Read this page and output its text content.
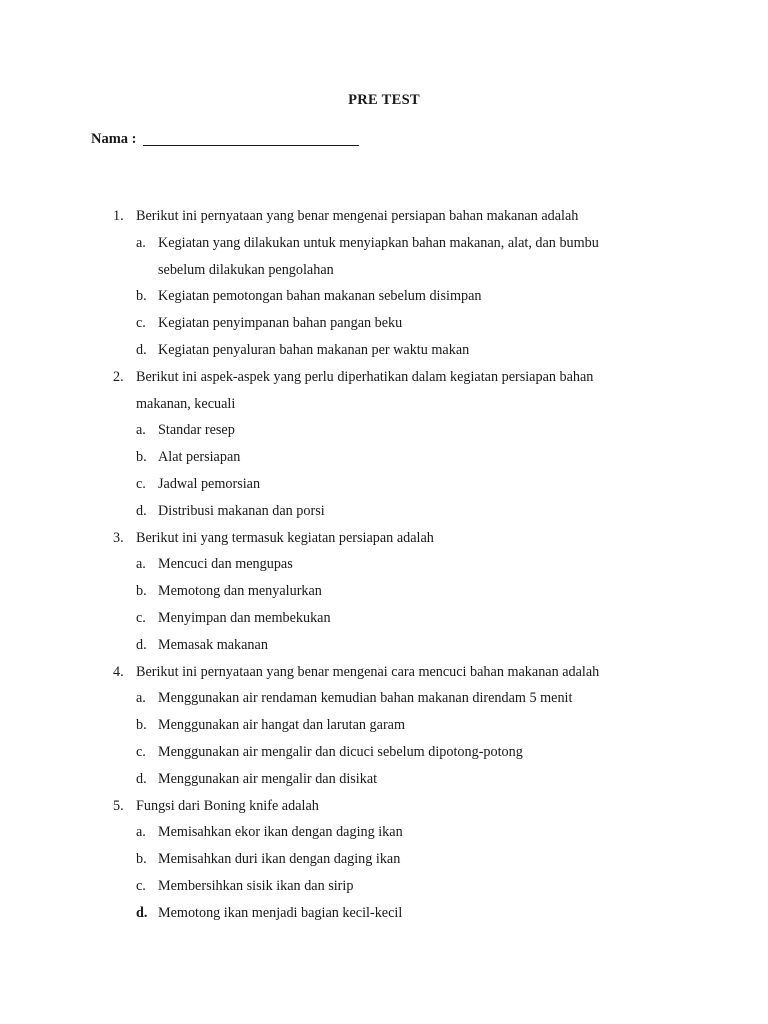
PRE TEST
Nama :
1. Berikut ini pernyataan yang benar mengenai persiapan bahan makanan adalah
a. Kegiatan yang dilakukan untuk menyiapkan bahan makanan, alat, dan bumbu sebelum dilakukan pengolahan
b. Kegiatan pemotongan bahan makanan sebelum disimpan
c. Kegiatan penyimpanan bahan pangan beku
d. Kegiatan penyaluran bahan makanan per waktu makan
2. Berikut ini aspek-aspek yang perlu diperhatikan dalam kegiatan persiapan bahan makanan, kecuali
a. Standar resep
b. Alat persiapan
c. Jadwal pemorsian
d. Distribusi makanan dan porsi
3. Berikut ini yang termasuk kegiatan persiapan adalah
a. Mencuci dan mengupas
b. Memotong dan menyalurkan
c. Menyimpan dan membekukan
d. Memasak makanan
4. Berikut ini pernyataan yang benar mengenai cara mencuci bahan makanan adalah
a. Menggunakan air rendaman kemudian bahan makanan direndam 5 menit
b. Menggunakan air hangat dan larutan garam
c. Menggunakan air mengalir dan dicuci sebelum dipotong-potong
d. Menggunakan air mengalir dan disikat
5. Fungsi dari Boning knife adalah
a. Memisahkan ekor ikan dengan daging ikan
b. Memisahkan duri ikan dengan daging ikan
c. Membersihkan sisik ikan dan sirip
d. Memotong ikan menjadi bagian kecil-kecil
